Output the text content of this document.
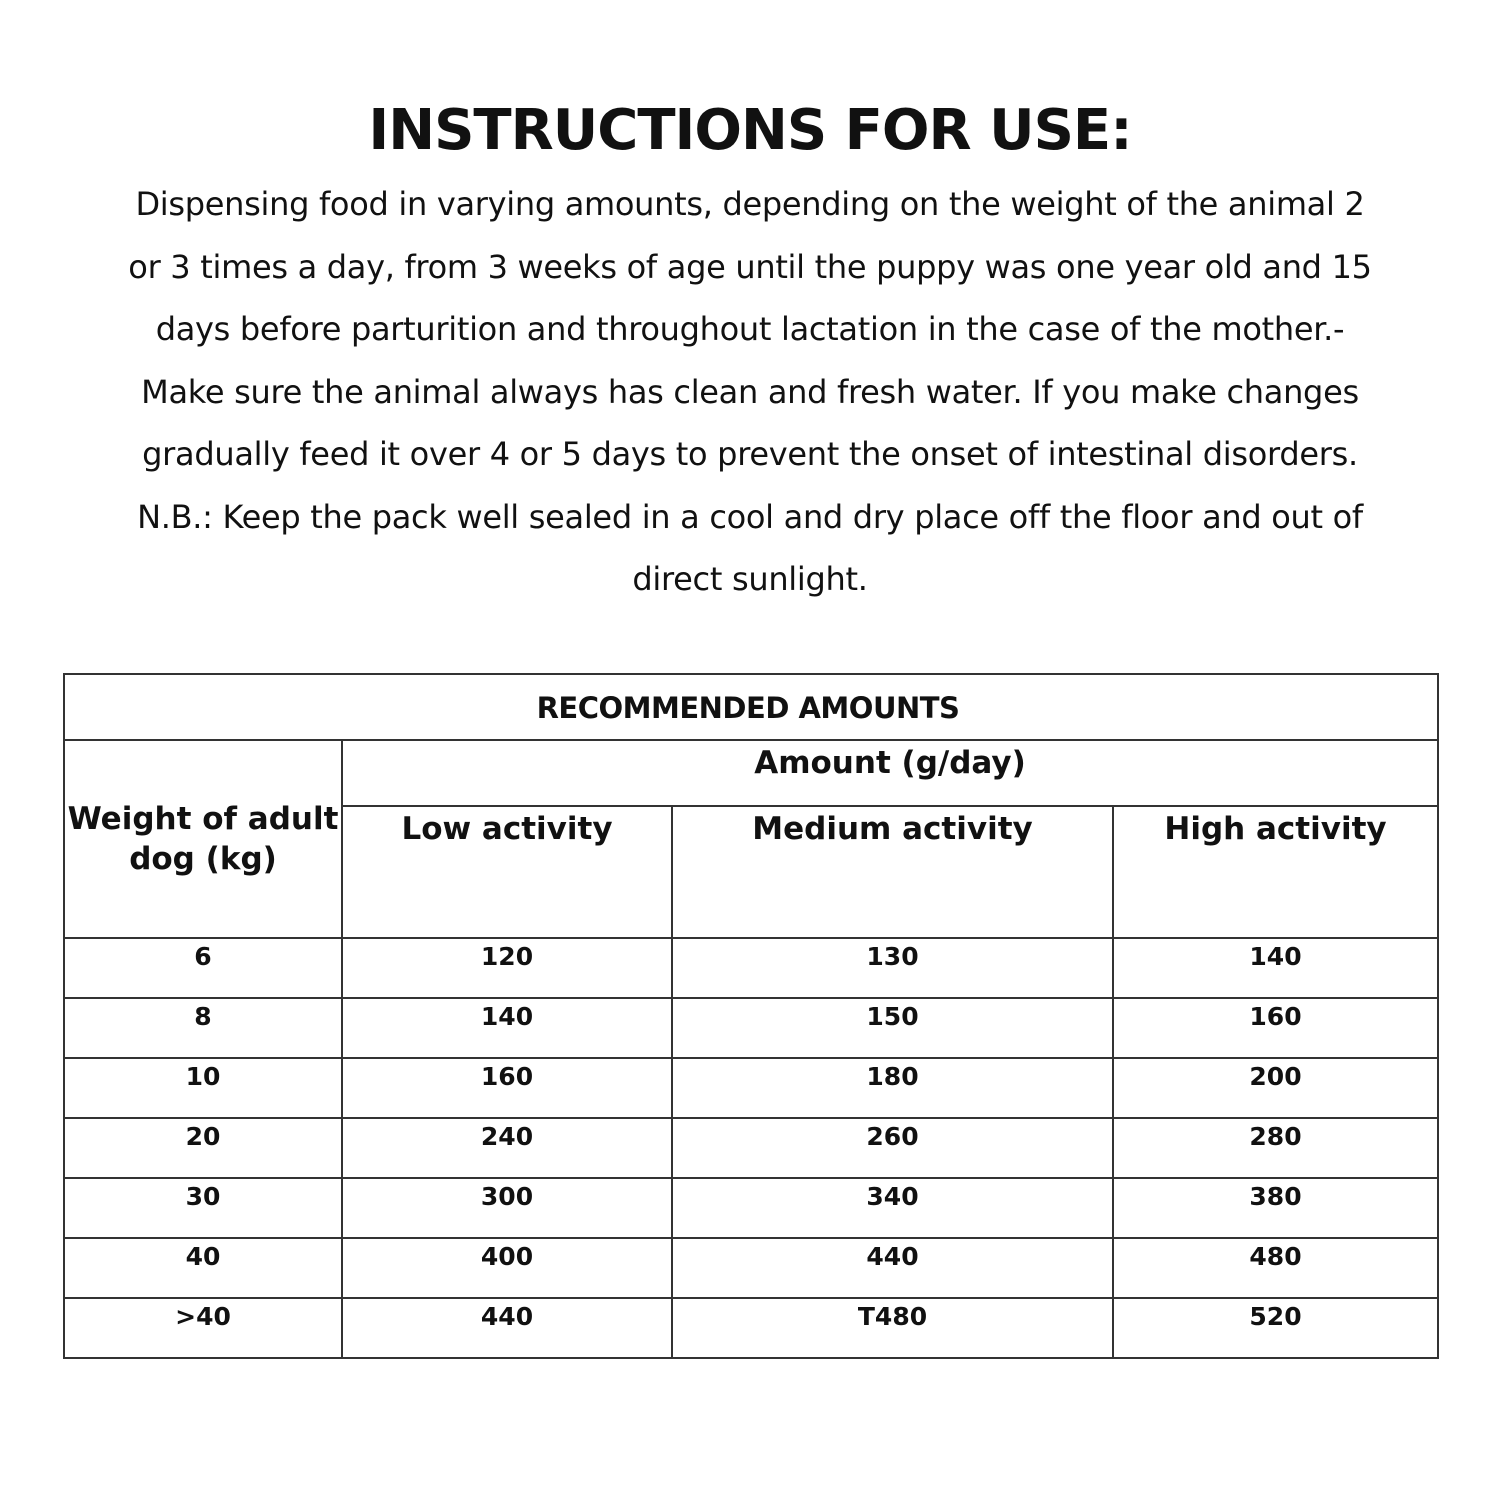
INSTRUCTIONS FOR USE:
Dispensing food in varying amounts, depending on the weight of the animal 2
or 3 times a day, from 3 weeks of age until the puppy was one year old and 15
days before parturition and throughout lactation in the case of the mother.-
Make sure the animal always has clean and fresh water. If you make changes
gradually feed it over 4 or 5 days to prevent the onset of intestinal disorders.
N.B.: Keep the pack well sealed in a cool and dry place off the floor and out of
direct sunlight.
RECOMMENDED AMOUNTS			

Weight of adult
dog (kg)	Amount (g/day)		
	Low activity	Medium activity	High activity
6	120	130	140
8	140	150	160
10	160	180	200
20	240	260	280
30	300	340	380
40	400	440	480
>40	440	T480	520
